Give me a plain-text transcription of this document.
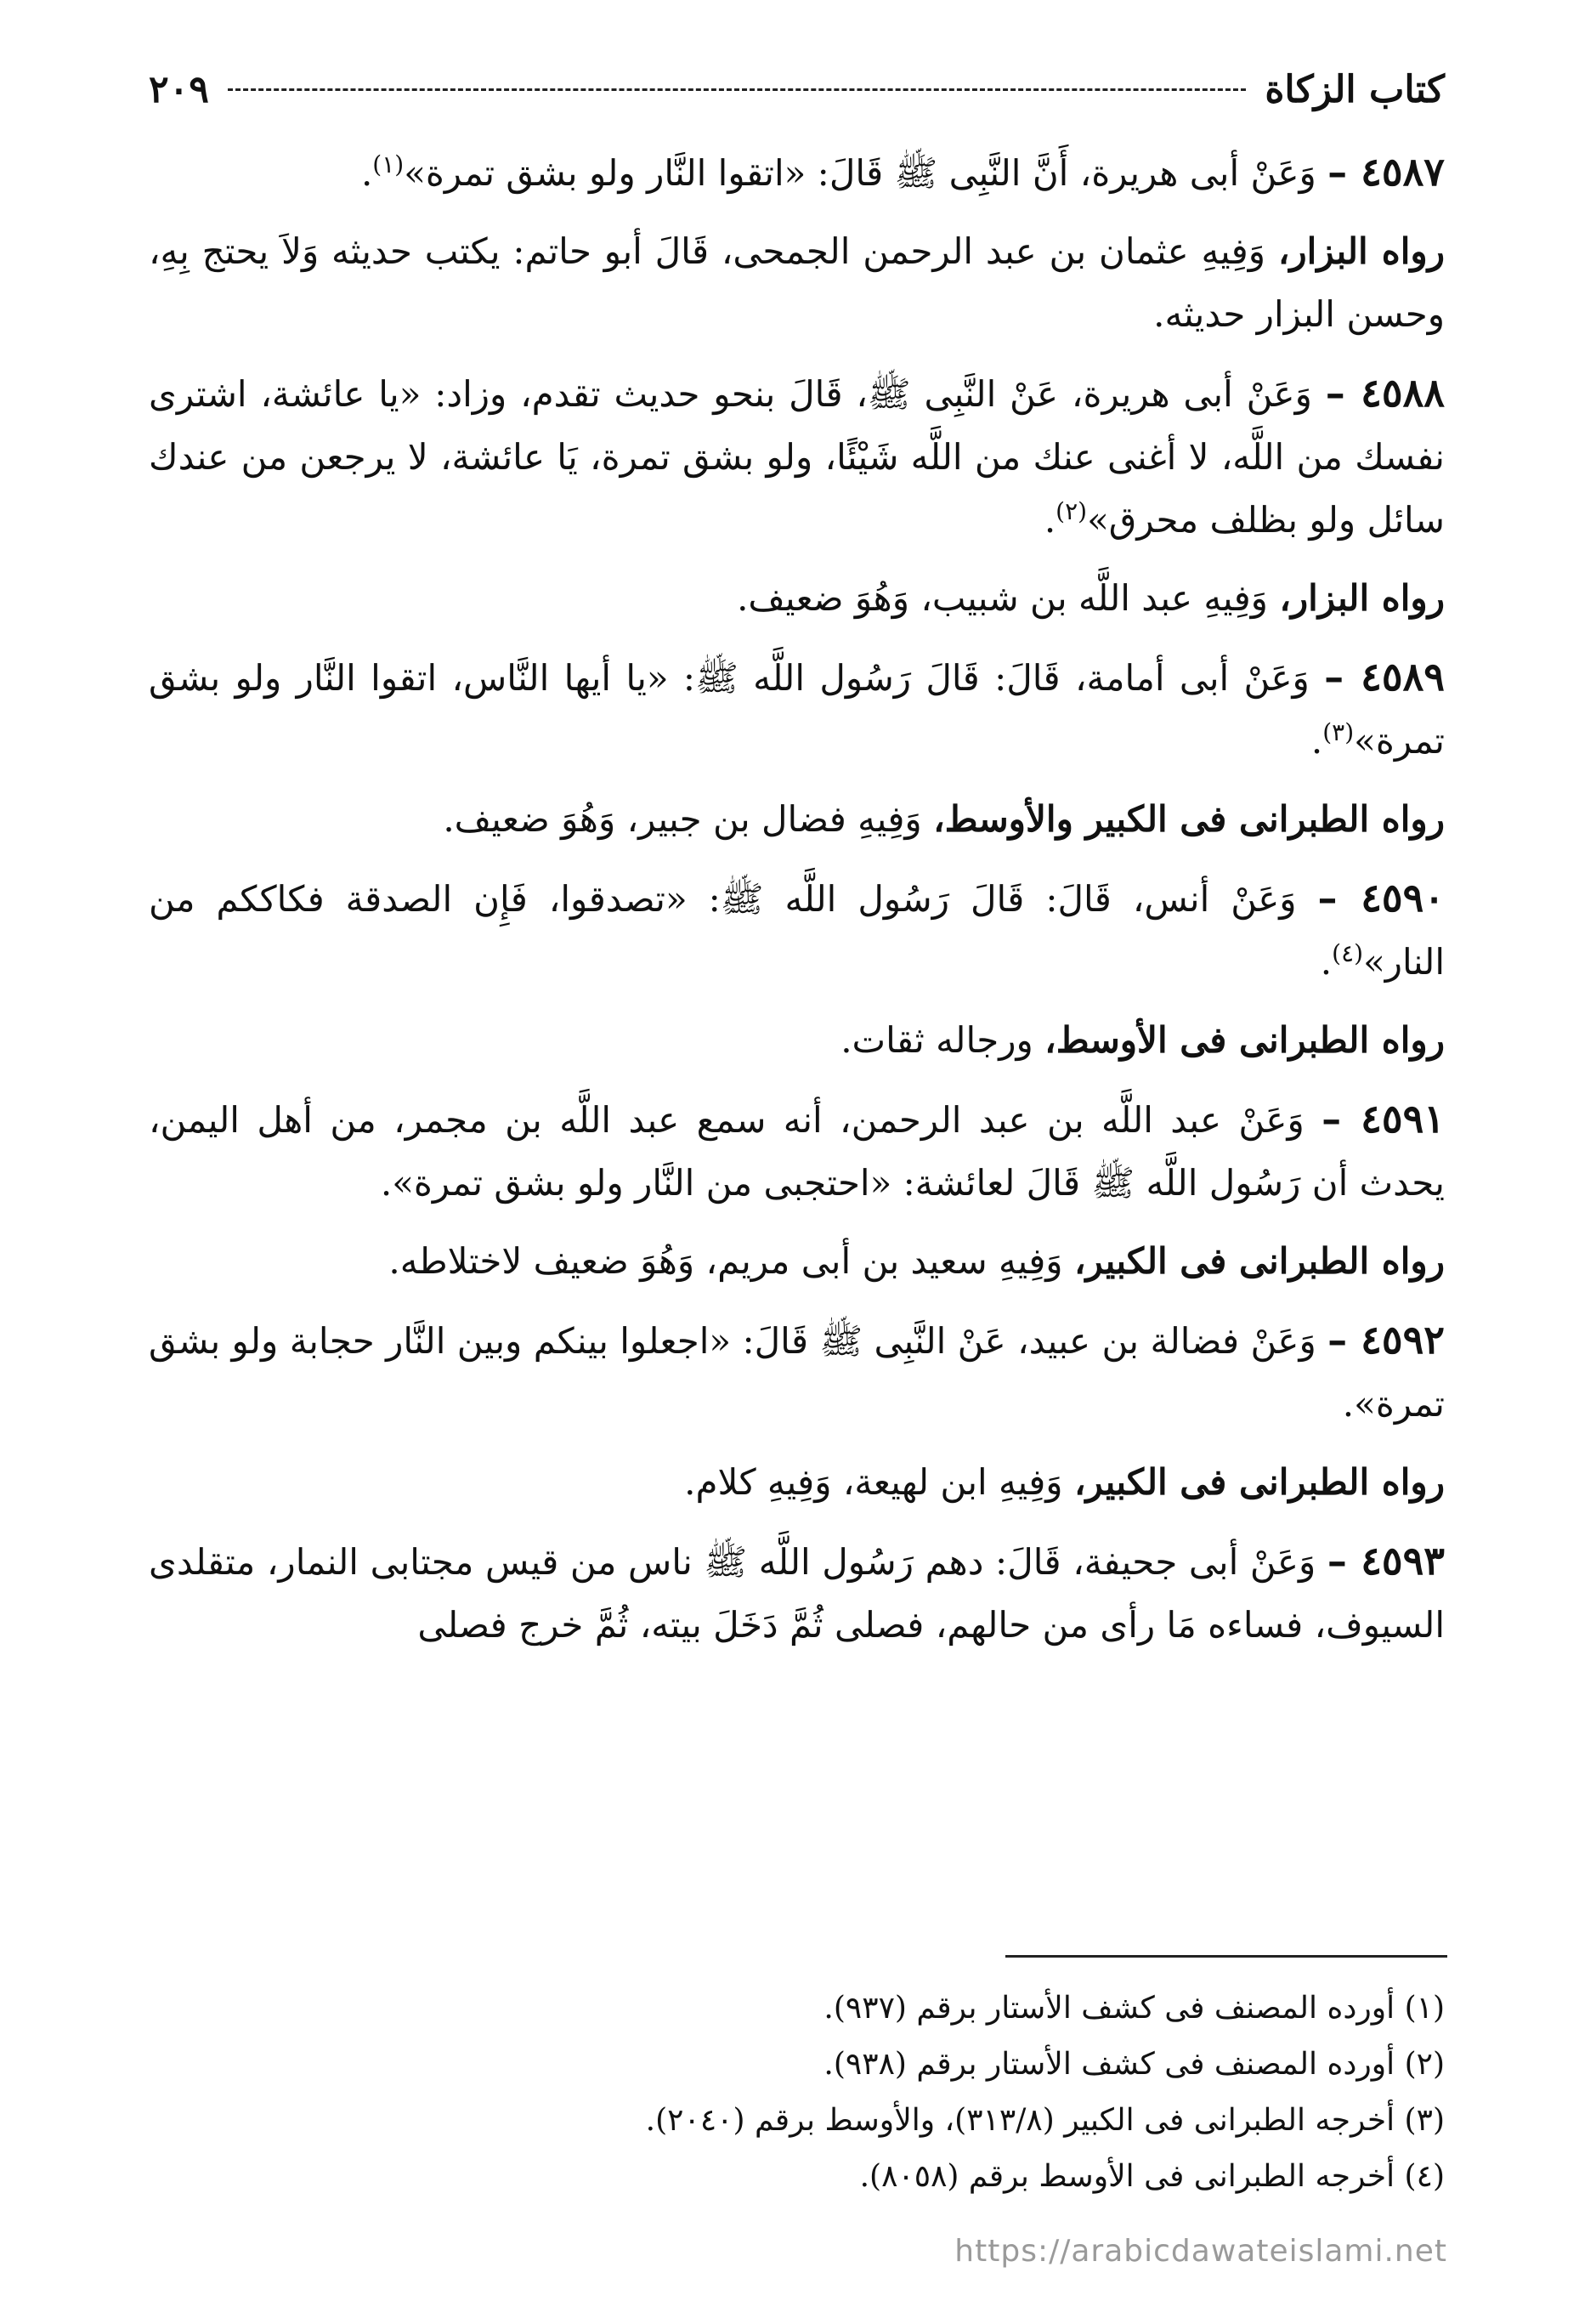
كتاب الزكاة
٢٠٩

٤٥٨٧ – وَعَنْ أبى هريرة، أَنَّ النَّبِى ﷺ قَالَ: «اتقوا النَّار ولو بشق تمرة»$^{(١)}$.

رواه البزار، وَفِيهِ عثمان بن عبد الرحمن الجمحى، قَالَ أبو حاتم: يكتب حديثه وَلاَ يحتج بِهِ، وحسن البزار حديثه.

٤٥٨٨ – وَعَنْ أبى هريرة، عَنْ النَّبِى ﷺ، قَالَ بنحو حديث تقدم، وزاد: «يا عائشة، اشترى نفسك من اللَّه، لا أغنى عنك من اللَّه شَيْئًا، ولو بشق تمرة، يَا عائشة، لا يرجعن من عندك سائل ولو بظلف محرق»$^{(٢)}$.

رواه البزار، وَفِيهِ عبد اللَّه بن شبيب، وَهُوَ ضعيف.

٤٥٨٩ – وَعَنْ أبى أمامة، قَالَ: قَالَ رَسُول اللَّه ﷺ: «يا أيها النَّاس، اتقوا النَّار ولو بشق تمرة»$^{(٣)}$.

رواه الطبرانى فى الكبير والأوسط، وَفِيهِ فضال بن جبير، وَهُوَ ضعيف.

٤٥٩٠ – وَعَنْ أنس، قَالَ: قَالَ رَسُول اللَّه ﷺ: «تصدقوا، فَإِن الصدقة فكاككم من النار»$^{(٤)}$.

رواه الطبرانى فى الأوسط، ورجاله ثقات.

٤٥٩١ – وَعَنْ عبد اللَّه بن عبد الرحمن، أنه سمع عبد اللَّه بن مجمر، من أهل اليمن، يحدث أن رَسُول اللَّه ﷺ قَالَ لعائشة: «احتجبى من النَّار ولو بشق تمرة».

رواه الطبرانى فى الكبير، وَفِيهِ سعيد بن أبى مريم، وَهُوَ ضعيف لاختلاطه.

٤٥٩٢ – وَعَنْ فضالة بن عبيد، عَنْ النَّبِى ﷺ قَالَ: «اجعلوا بينكم وبين النَّار حجابة ولو بشق تمرة».

رواه الطبرانى فى الكبير، وَفِيهِ ابن لهيعة، وَفِيهِ كلام.

٤٥٩٣ – وَعَنْ أبى جحيفة، قَالَ: دهم رَسُول اللَّه ﷺ ناس من قيس مجتابى النمار، متقلدى السيوف، فساءه مَا رأى من حالهم، فصلى ثُمَّ دَخَلَ بيته، ثُمَّ خرج فصلى

(١) أورده المصنف فى كشف الأستار برقم (٩٣٧).

(٢) أورده المصنف فى كشف الأستار برقم (٩٣٨).

(٣) أخرجه الطبرانى فى الكبير (٣١٣/٨)، والأوسط برقم (٢٠٤٠).

(٤) أخرجه الطبرانى فى الأوسط برقم (٨٠٥٨).

https://arabicdawateislami.net
